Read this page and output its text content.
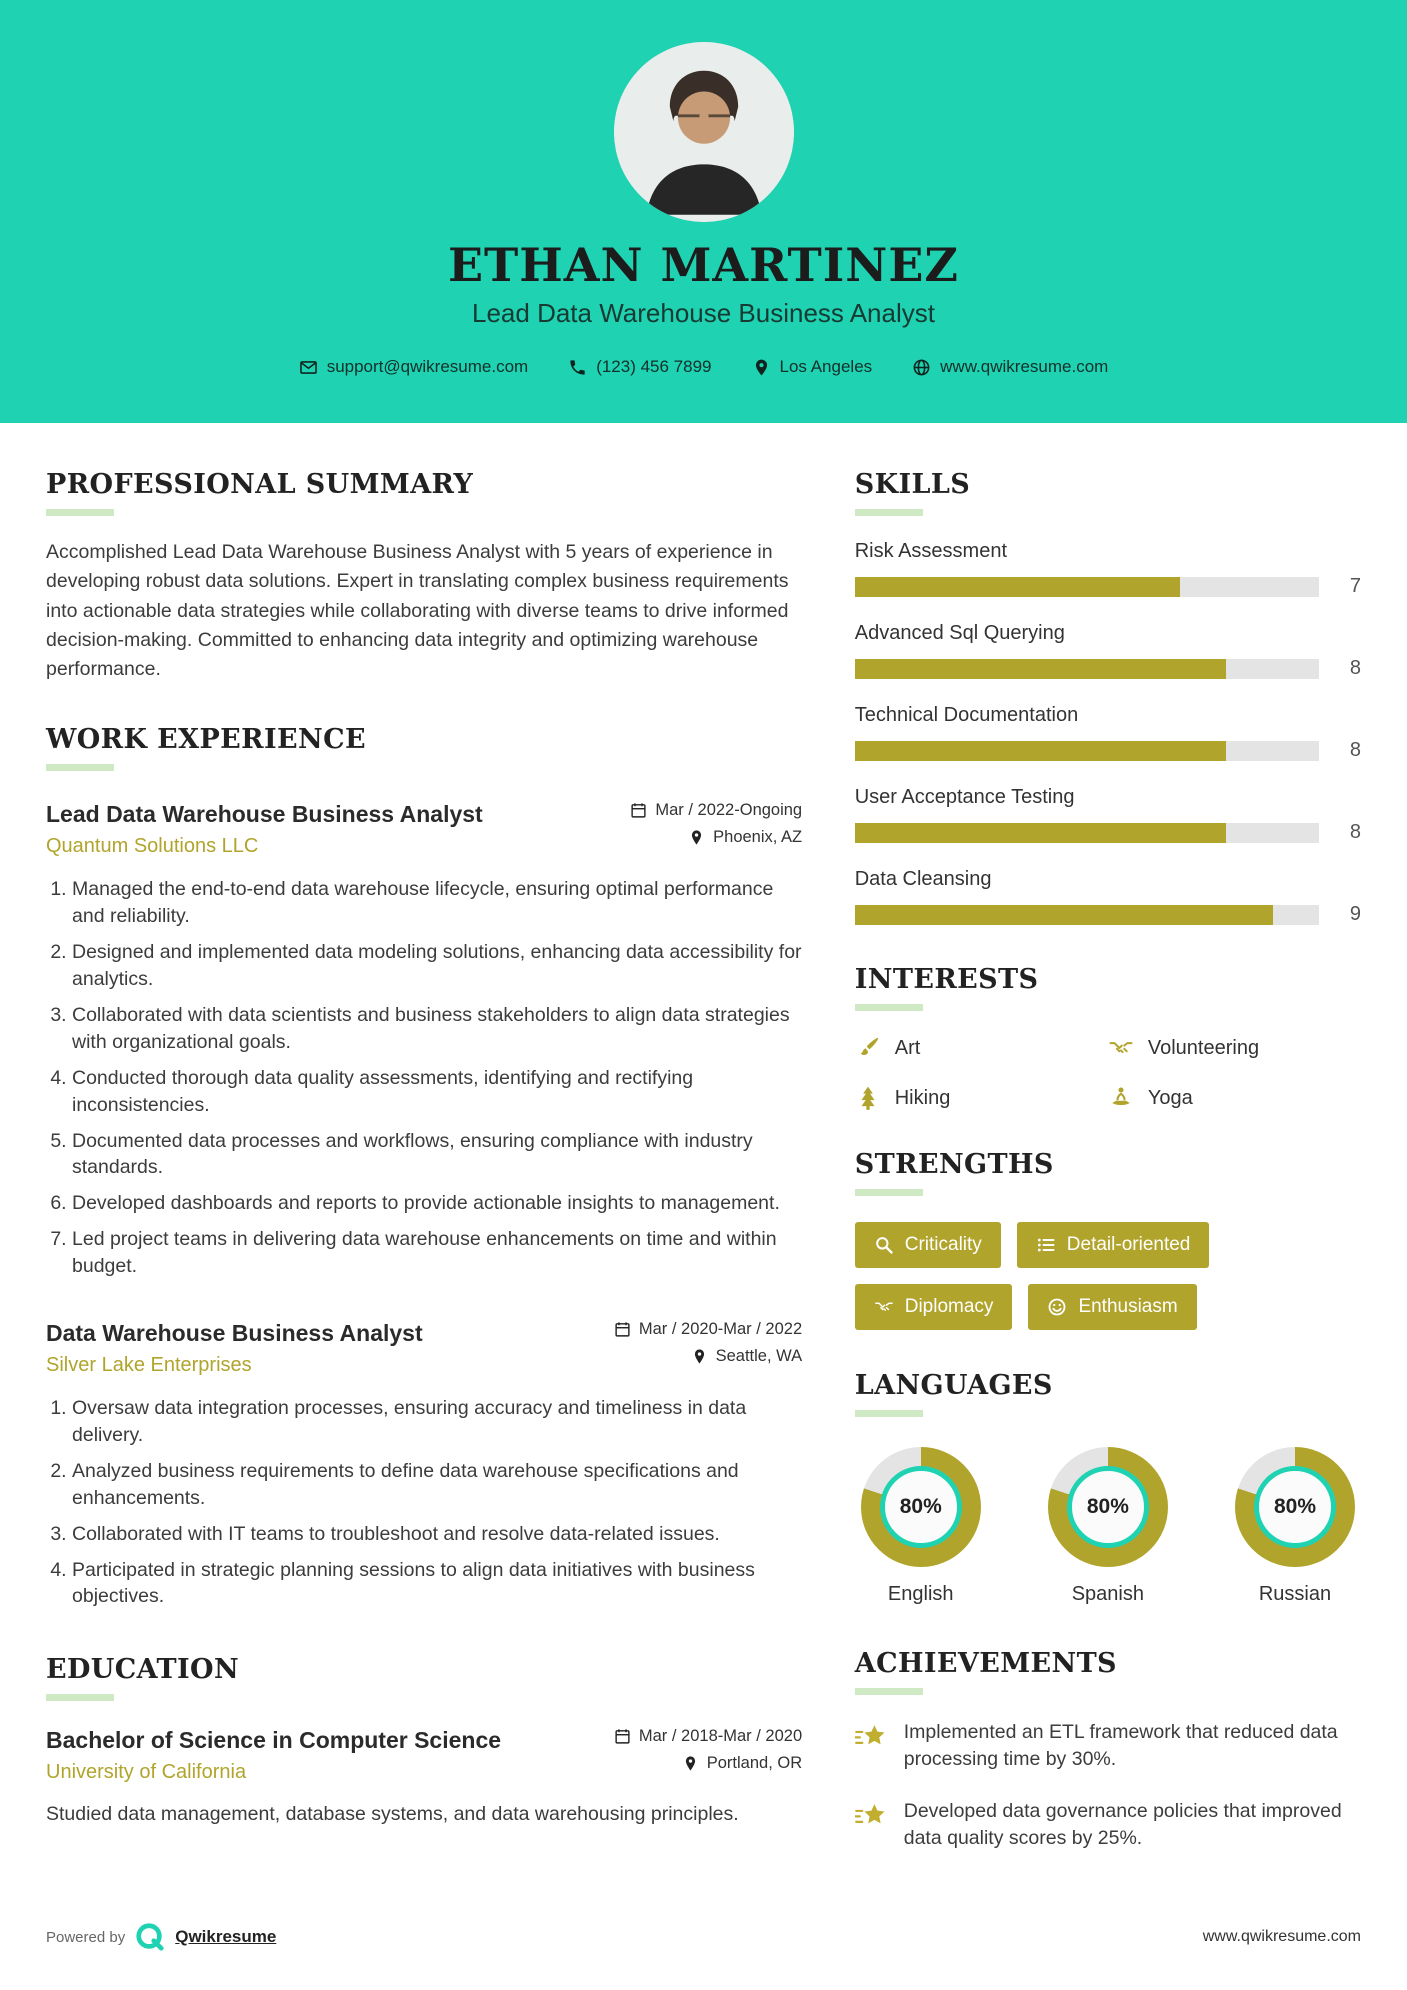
ETHAN MARTINEZ
Lead Data Warehouse Business Analyst
support@qwikresume.com	(123) 456 7899	Los Angeles	www.qwikresume.com
PROFESSIONAL SUMMARY

Accomplished Lead Data Warehouse Business Analyst with 5 years of experience in developing robust data solutions. Expert in translating complex business requirements into actionable data strategies while collaborating with diverse teams to drive informed decision-making. Committed to enhancing data integrity and optimizing warehouse performance.

WORK EXPERIENCE
Lead Data Warehouse Business Analyst
Quantum Solutions LLC
Mar / 2022-Ongoing
Phoenix, AZ
1. Managed the end-to-end data warehouse lifecycle, ensuring optimal performance and reliability.
2. Designed and implemented data modeling solutions, enhancing data accessibility for analytics.
3. Collaborated with data scientists and business stakeholders to align data strategies with organizational goals.
4. Conducted thorough data quality assessments, identifying and rectifying inconsistencies.
5. Documented data processes and workflows, ensuring compliance with industry standards.
6. Developed dashboards and reports to provide actionable insights to management.
7. Led project teams in delivering data warehouse enhancements on time and within budget.
Data Warehouse Business Analyst
Silver Lake Enterprises
Mar / 2020-Mar / 2022
Seattle, WA
1. Oversaw data integration processes, ensuring accuracy and timeliness in data delivery.
2. Analyzed business requirements to define data warehouse specifications and enhancements.
3. Collaborated with IT teams to troubleshoot and resolve data-related issues.
4. Participated in strategic planning sessions to align data initiatives with business objectives.
EDUCATION
Bachelor of Science in Computer Science
University of California
Mar / 2018-Mar / 2020
Portland, OR

Studied data management, database systems, and data warehousing principles.

SKILLS
Risk Assessment
7
Advanced Sql Querying
8
Technical Documentation
8
User Acceptance Testing
8
Data Cleansing
9
INTERESTS
Art	Volunteering
Hiking	Yoga
STRENGTHS
Criticality	Detail-oriented
Diplomacy	Enthusiasm
LANGUAGES
80%
English
80%
Spanish
80%
Russian
ACHIEVEMENTS
Implemented an ETL framework that reduced data processing time by 30%.
Developed data governance policies that improved data quality scores by 25%.
Powered by	Qwikresume	www.qwikresume.com
